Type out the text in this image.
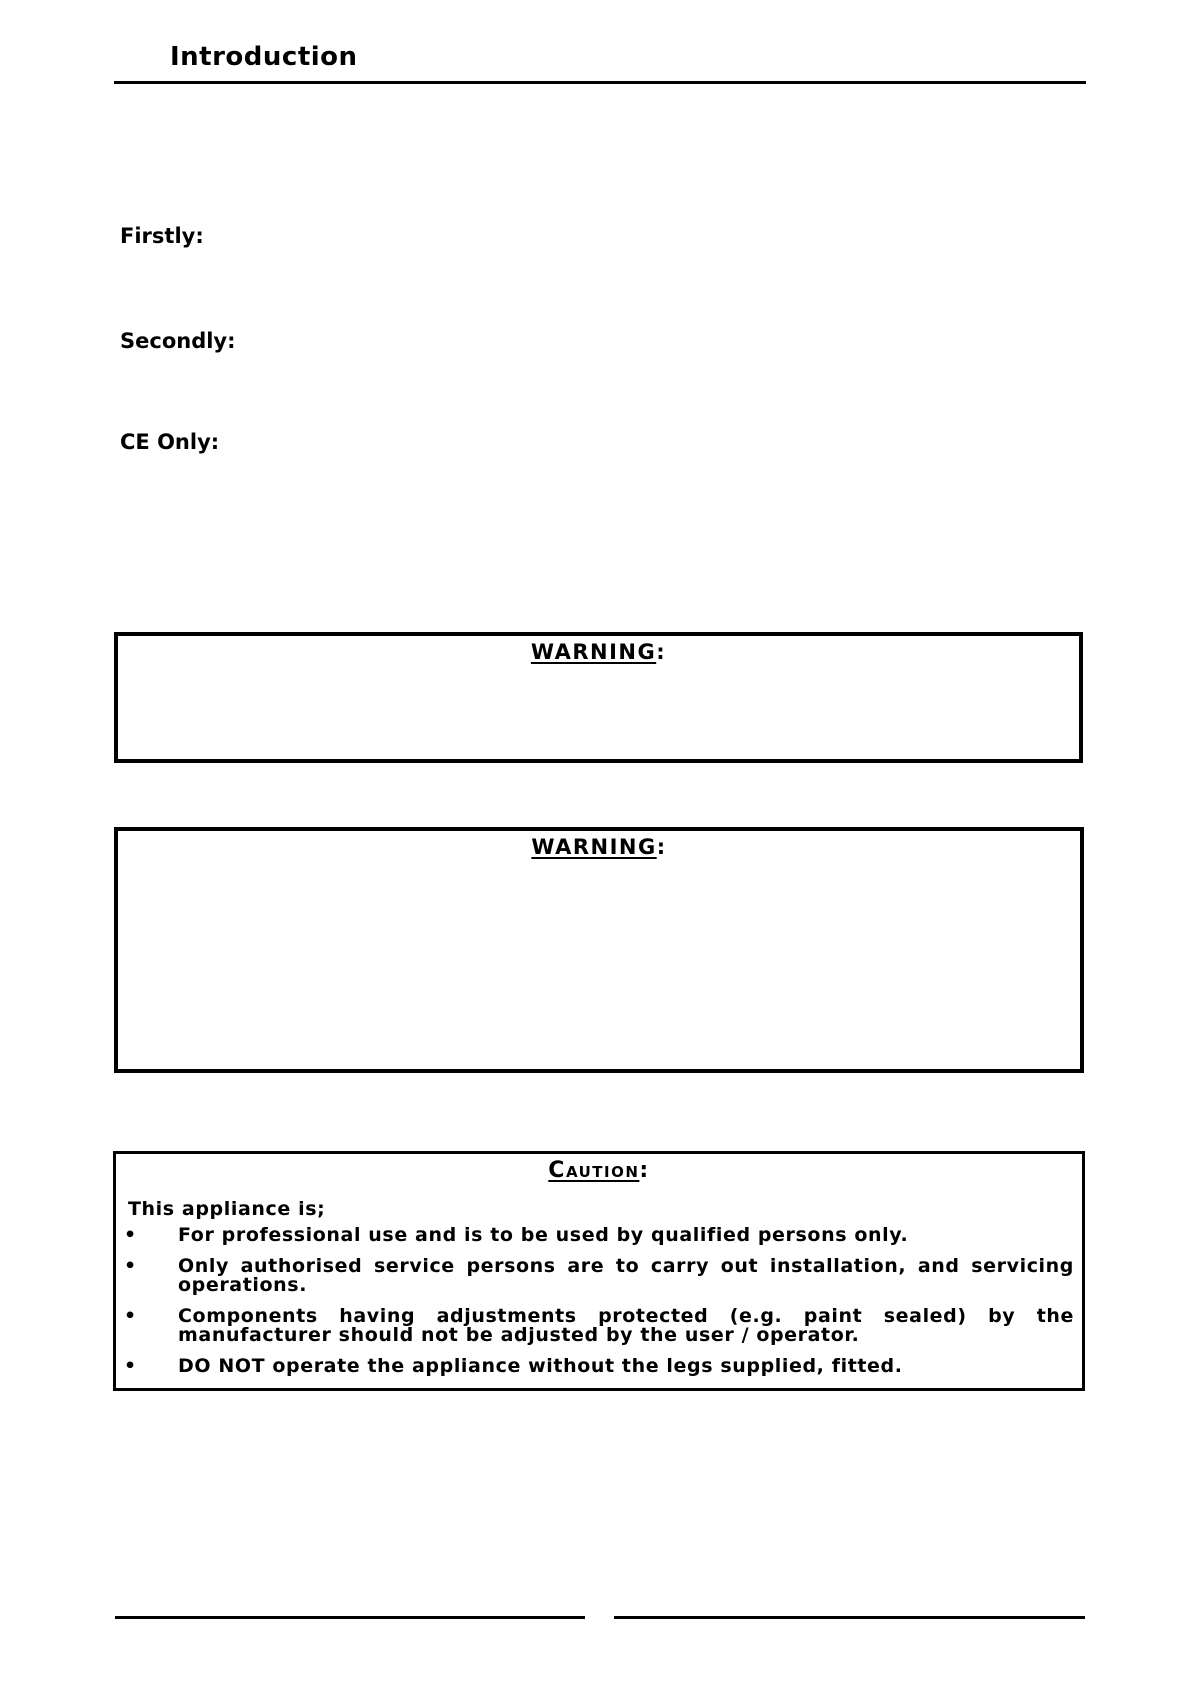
Introduction
Firstly:
Secondly:
CE Only:
WARNING:
WARNING:
Caution:
This appliance is;
• For professional use and is to be used by qualified persons only.
• Only authorised service persons are to carry out installation, and servicing operations.
• Components having adjustments protected (e.g. paint sealed) by the manufacturer should not be adjusted by the user / operator.
• DO NOT operate the appliance without the legs supplied, fitted.
